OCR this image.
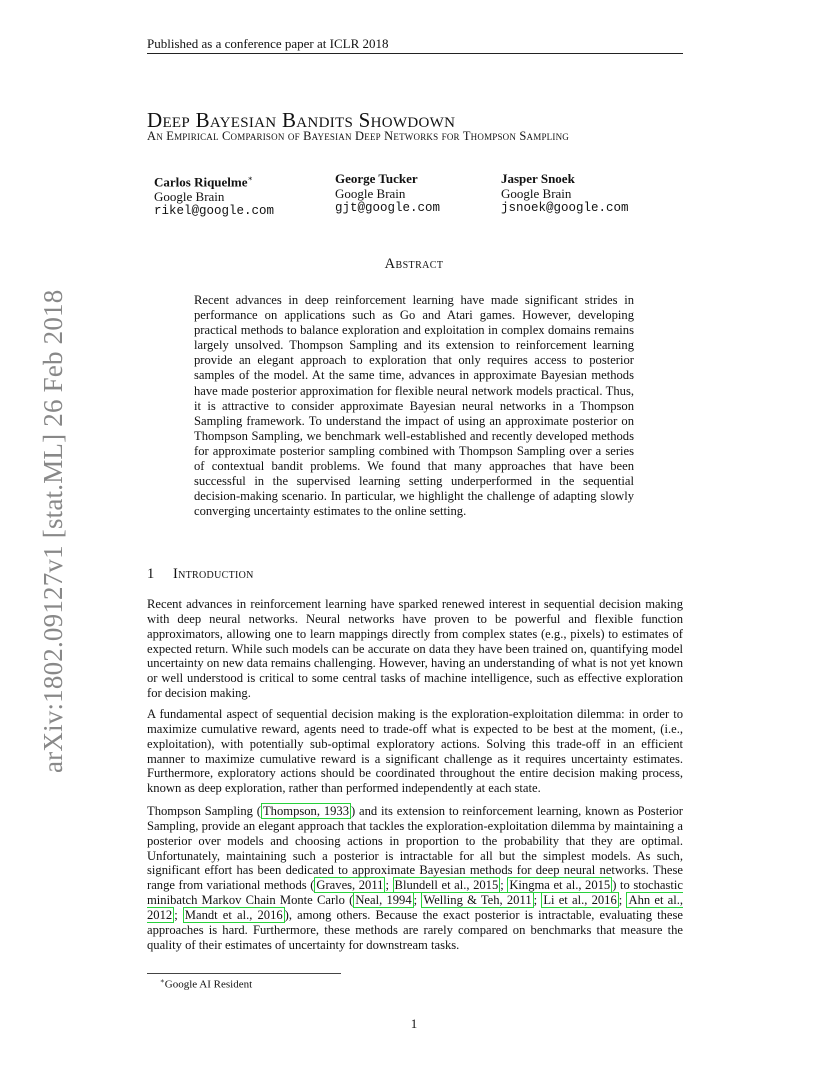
Published as a conference paper at ICLR 2018
arXiv:1802.09127v1 [stat.ML] 26 Feb 2018
Deep Bayesian Bandits Showdown
An Empirical Comparison of Bayesian Deep Networks for Thompson Sampling
Carlos Riquelme∗
Google Brain
rikel@google.com
George Tucker
Google Brain
gjt@google.com
Jasper Snoek
Google Brain
jsnoek@google.com
Abstract
Recent advances in deep reinforcement learning have made significant strides in performance on applications such as Go and Atari games. However, developing practical methods to balance exploration and exploitation in complex domains remains largely unsolved. Thompson Sampling and its extension to reinforcement learning provide an elegant approach to exploration that only requires access to posterior samples of the model. At the same time, advances in approximate Bayesian methods have made posterior approximation for flexible neural network models practical. Thus, it is attractive to consider approximate Bayesian neural networks in a Thompson Sampling framework. To understand the impact of using an approximate posterior on Thompson Sampling, we benchmark well-established and recently developed methods for approximate posterior sampling combined with Thompson Sampling over a series of contextual bandit problems. We found that many approaches that have been successful in the supervised learning setting underperformed in the sequential decision-making scenario. In particular, we highlight the challenge of adapting slowly converging uncertainty estimates to the online setting.
1 Introduction
Recent advances in reinforcement learning have sparked renewed interest in sequential decision making with deep neural networks. Neural networks have proven to be powerful and flexible function approximators, allowing one to learn mappings directly from complex states (e.g., pixels) to estimates of expected return. While such models can be accurate on data they have been trained on, quantifying model uncertainty on new data remains challenging. However, having an understanding of what is not yet known or well understood is critical to some central tasks of machine intelligence, such as effective exploration for decision making.
A fundamental aspect of sequential decision making is the exploration-exploitation dilemma: in order to maximize cumulative reward, agents need to trade-off what is expected to be best at the moment, (i.e., exploitation), with potentially sub-optimal exploratory actions. Solving this trade-off in an efficient manner to maximize cumulative reward is a significant challenge as it requires uncertainty estimates. Furthermore, exploratory actions should be coordinated throughout the entire decision making process, known as deep exploration, rather than performed independently at each state.
Thompson Sampling ( Thompson, 1933 ) and its extension to reinforcement learning, known as Posterior Sampling, provide an elegant approach that tackles the exploration-exploitation dilemma by maintaining a posterior over models and choosing actions in proportion to the probability that they are optimal. Unfortunately, maintaining such a posterior is intractable for all but the simplest models. As such, significant effort has been dedicated to approximate Bayesian methods for deep neural networks. These range from variational methods ( Graves, 2011 ; Blundell et al., 2015 ; Kingma et al., 2015 ) to stochastic minibatch Markov Chain Monte Carlo ( Neal, 1994 ; Welling & Teh, 2011 ; Li et al., 2016 ; Ahn et al., 2012 ; Mandt et al., 2016 ), among others. Because the exact posterior is intractable, evaluating these approaches is hard. Furthermore, these methods are rarely compared on benchmarks that measure the quality of their estimates of uncertainty for downstream tasks.
∗Google AI Resident
1
